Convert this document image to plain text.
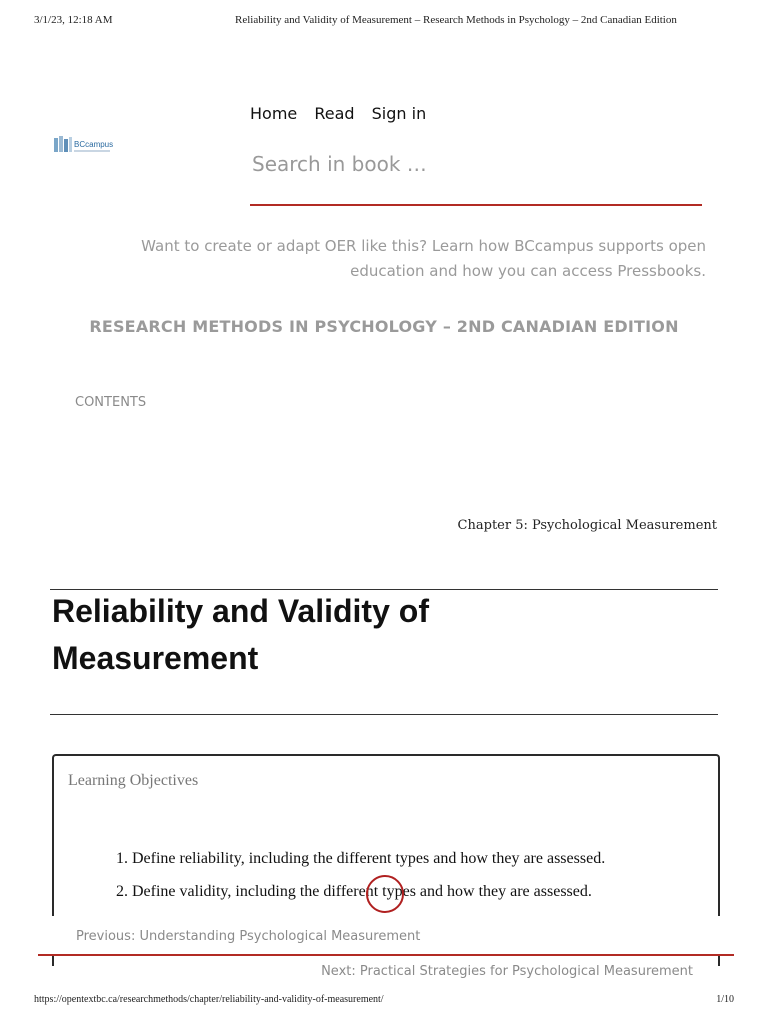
3/1/23, 12:18 AM	Reliability and Validity of Measurement – Research Methods in Psychology – 2nd Canadian Edition
Home Read Sign in
BCcampus
Search in book …
Want to create or adapt OER like this? Learn how BCcampus supports open
education and how you can access Pressbooks.
RESEARCH METHODS IN PSYCHOLOGY – 2ND CANADIAN EDITION
CONTENTS
Chapter 5: Psychological Measurement
Reliability and Validity of
Measurement
Learning Objectives
1. Define reliability, including the different types and how they are assessed.
2. Define validity, including the different types and how they are assessed.
Previous: Understanding Psychological Measurement
Next: Practical Strategies for Psychological Measurement
https://opentextbc.ca/researchmethods/chapter/reliability-and-validity-of-measurement/	1/10
